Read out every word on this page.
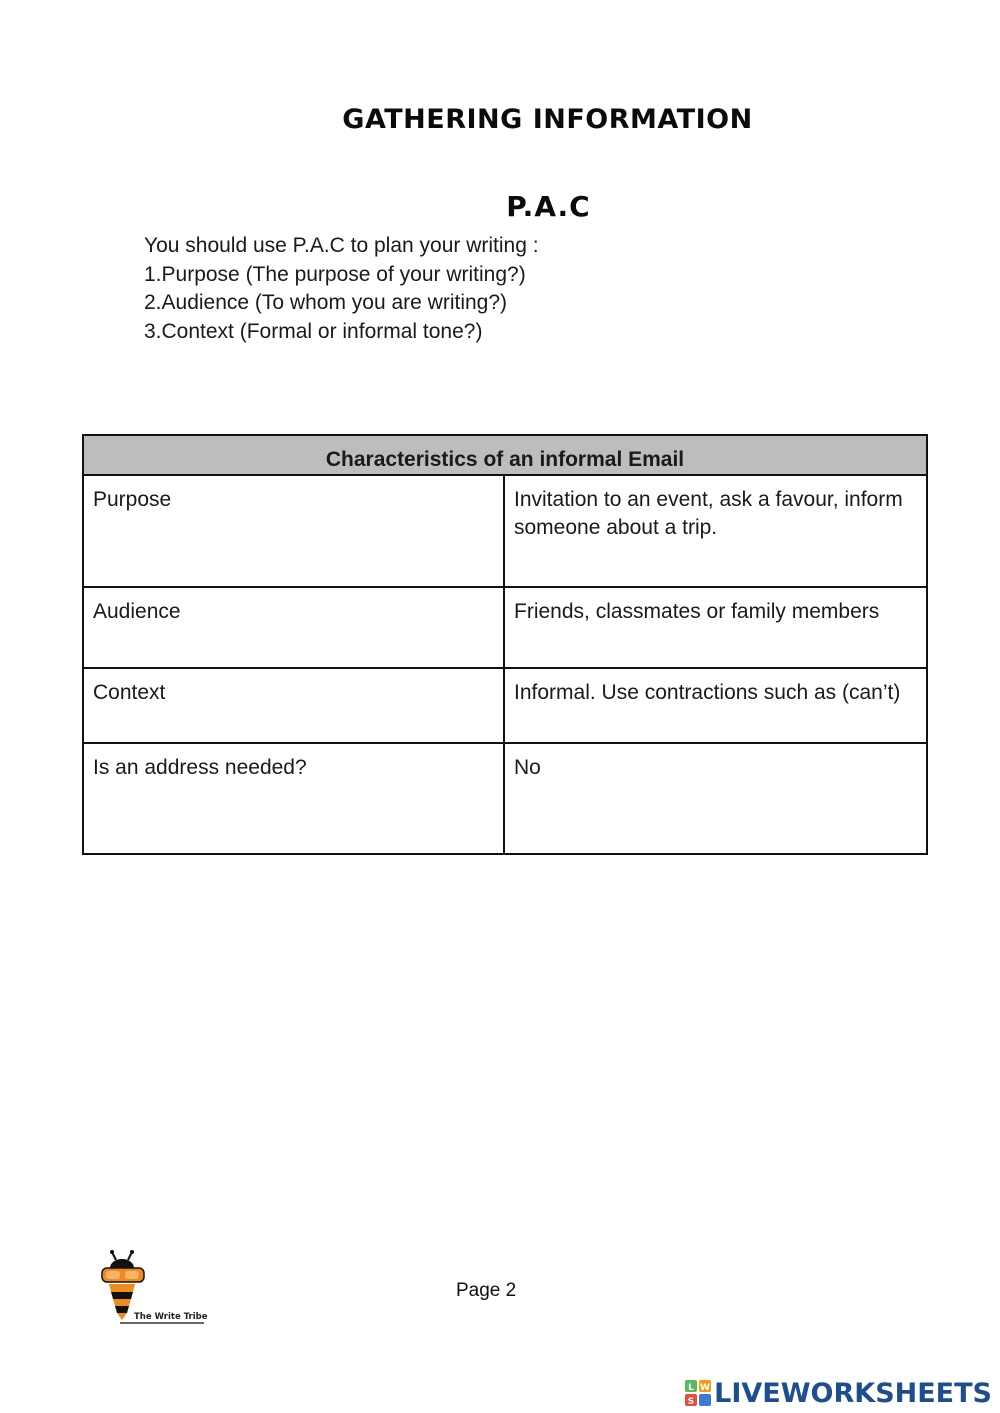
GATHERING INFORMATION
P.A.C
You should use P.A.C to plan your writing :
1.Purpose (The purpose of your writing?)
2.Audience (To whom you are writing?)
3.Context (Formal or informal tone?)
Characteristics of an informal Email	
Purpose	Invitation to an event, ask a favour, inform someone about a trip.
Audience	Friends, classmates or family members
Context	Informal. Use contractions such as (can’t)
Is an address needed?	No
The Write Tribe
Page 2
L W
S LIVEWORKSHEETS
